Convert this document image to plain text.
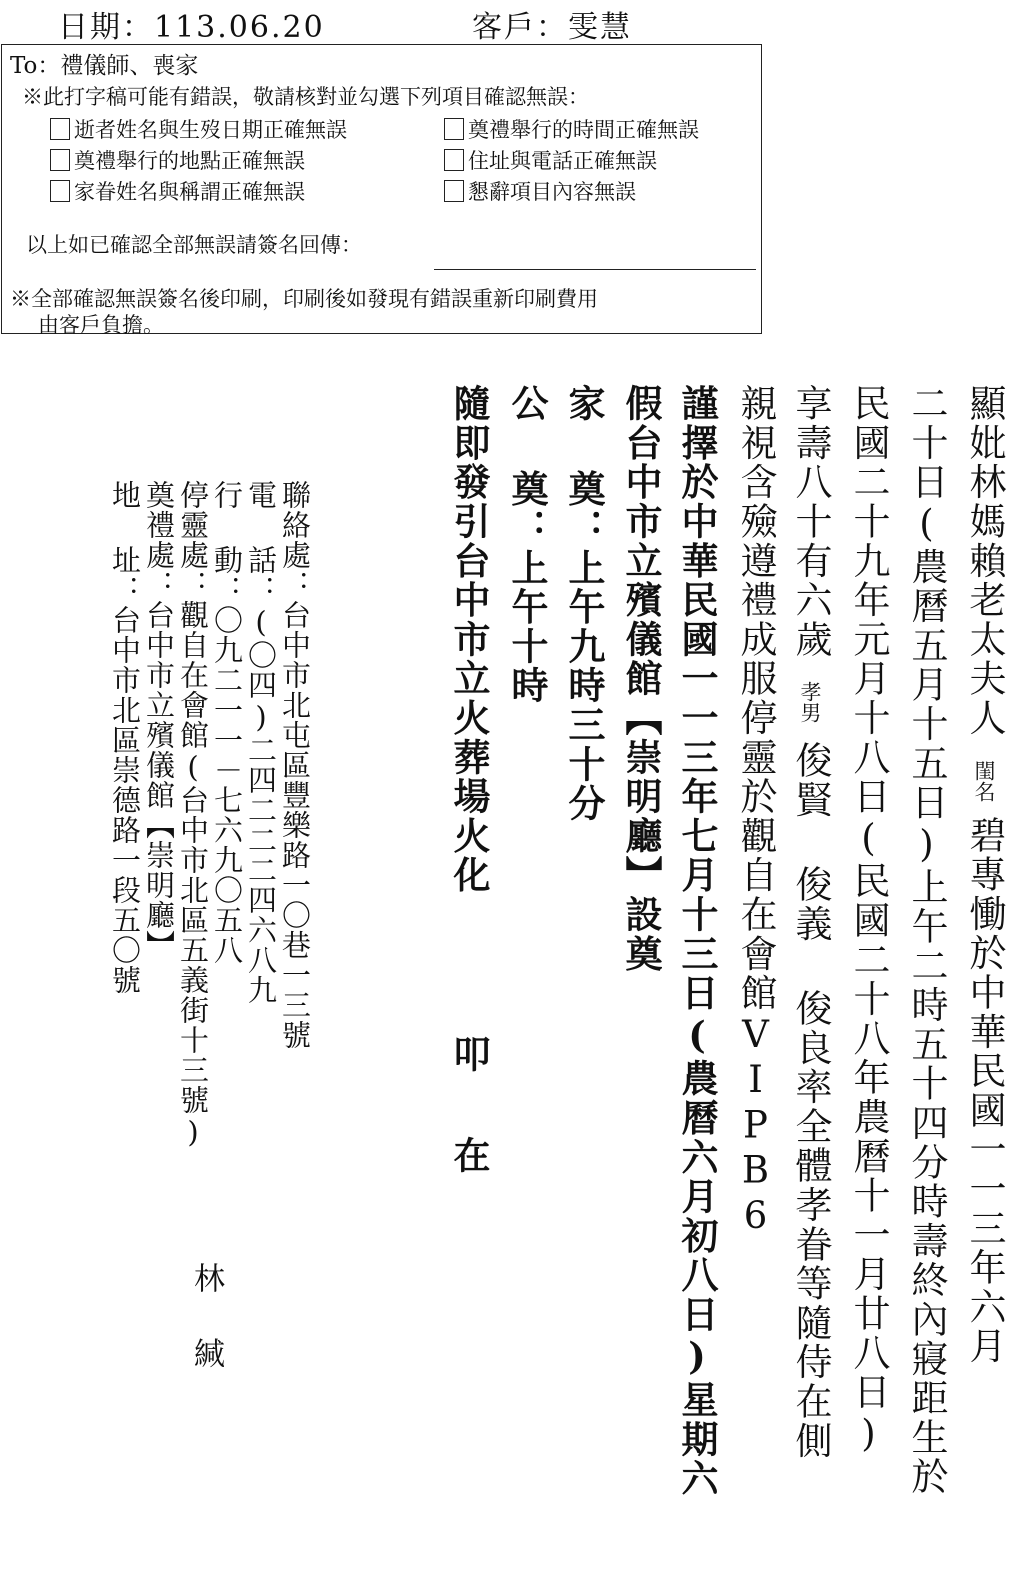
日期：113.06.20	客戶：雯慧
To：禮儀師、喪家
※此打字稿可能有錯誤，敬請核對並勾選下列項目確認無誤：
逝者姓名與生歿日期正確無誤	奠禮舉行的時間正確無誤
奠禮舉行的地點正確無誤	住址與電話正確無誤
家眷姓名與稱謂正確無誤	懇辭項目內容無誤
以上如已確認全部無誤請簽名回傳：
※全部確認無誤簽名後印刷，印刷後如發現有錯誤重新印刷費用
由客戶負擔。
顯妣林媽賴老太夫人閨名碧專慟於中華民國一一三年六月
二十日(農曆五月十五日)上午二時五十四分時壽終內寢距生於
民國二十九年元月十八日(民國二十八年農曆十一月廿八日)
享壽八十有六歲孝男俊賢 俊義 俊良率全體孝眷等隨侍在側
親視含殮遵禮成服停靈於觀自在會館VIPB6
謹擇於中華民國一一三年七月十三日(農曆六月初八日)星期六
假台中市立殯儀館【崇明廳】設奠
家 奠：上午九時三十分
公 奠：上午十時
隨即發引台中市立火葬場火化叩在
聯絡處：台中市北屯區豐樂路一〇巷一三號
電 話：(〇四)二四二二二四六八九
行 動：〇九二一一－七六九〇五八
停靈處：觀自在會館(台中市北區五義街十三號)
奠禮處：台中市立殯儀館【崇明廳】
地 址：台中市北區崇德路一段五〇號
林 緘
